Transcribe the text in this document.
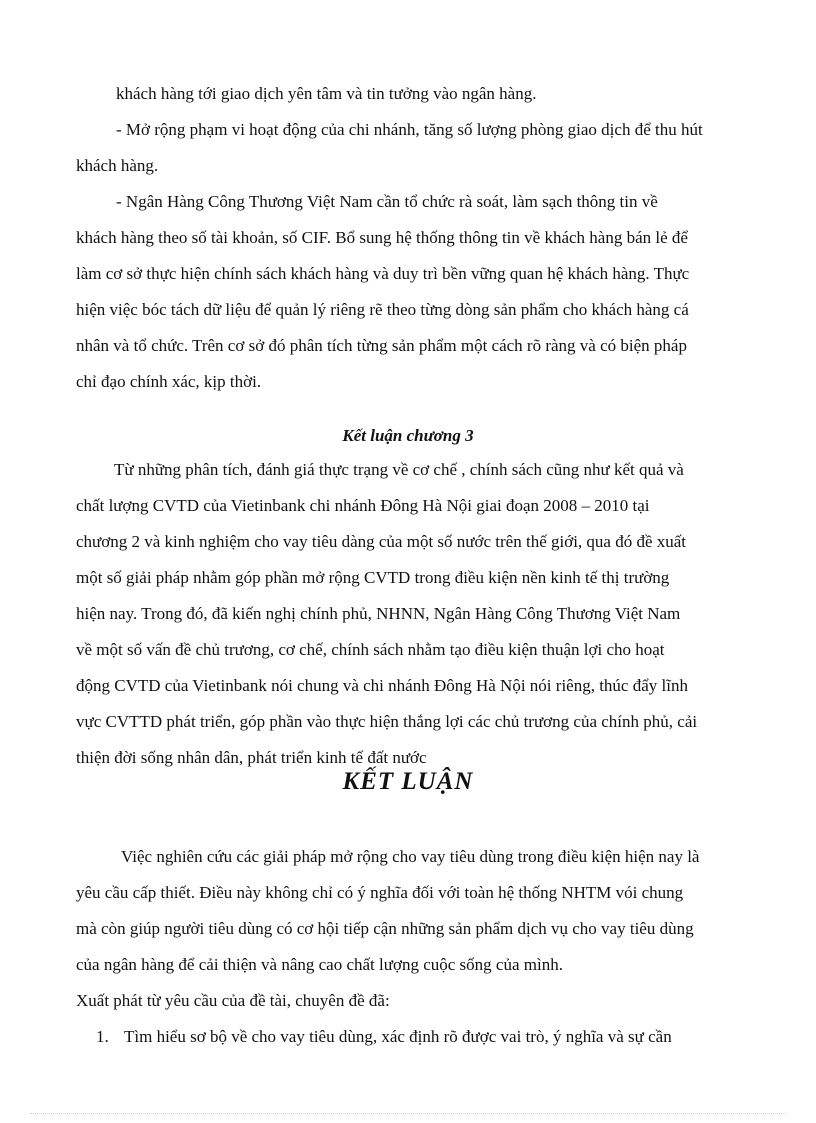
khách hàng tới giao dịch yên tâm và tin tưởng vào ngân hàng.
- Mở rộng phạm vi hoạt động của chi nhánh, tăng số lượng phòng giao dịch để thu hút
khách hàng.
- Ngân Hàng Công Thương Việt Nam cần tổ chức rà soát, làm sạch thông tin về
khách hàng theo số tài khoản, số CIF. Bổ sung hệ thống thông tin về khách hàng bán lẻ để
làm cơ sở thực hiện chính sách khách hàng và duy trì bền vững quan hệ khách hàng. Thực
hiện việc bóc tách dữ liệu để quản lý riêng rẽ theo từng dòng sản phẩm cho khách hàng cá
nhân và tổ chức. Trên cơ sở đó phân tích từng sản phẩm một cách rõ ràng và có biện pháp
chỉ đạo chính xác, kịp thời.
Kết luận chương 3
Từ những phân tích, đánh giá thực trạng về cơ chế , chính sách cũng như kết quả và
chất lượng CVTD của Vietinbank chi nhánh Đông Hà Nội giai đoạn 2008 – 2010 tại
chương 2 và kinh nghiệm cho vay tiêu dàng của một số nước trên thế giới, qua đó đề xuất
một số giải pháp nhằm góp phần mở rộng CVTD trong điều kiện nền kinh tế thị trường
hiện nay. Trong đó, đã kiến nghị chính phủ, NHNN, Ngân Hàng Công Thương Việt Nam
về một số vấn đề chủ trương, cơ chế, chính sách nhằm tạo điều kiện thuận lợi cho hoạt
động CVTD của Vietinbank nói chung và chi nhánh Đông Hà Nội nói riêng, thúc đẩy lĩnh
vực CVTTD phát triển, góp phần vào thực hiện thắng lợi các chủ trương của chính phủ, cải
thiện đời sống nhân dân, phát triển kinh tế đất nước
KẾT LUẬN
Việc nghiên cứu các giải pháp mở rộng cho vay tiêu dùng trong điều kiện hiện nay là
yêu cầu cấp thiết. Điều này không chỉ có ý nghĩa đối với toàn hệ thống NHTM vói chung
mà còn giúp người tiêu dùng có cơ hội tiếp cận những sản phẩm dịch vụ cho vay tiêu dùng
của ngân hàng để cải thiện và nâng cao chất lượng cuộc sống của mình.
Xuất phát từ yêu cầu của đề tài, chuyên đề đã:
1. Tìm hiểu sơ bộ về cho vay tiêu dùng, xác định rõ được vai trò, ý nghĩa và sự cần
